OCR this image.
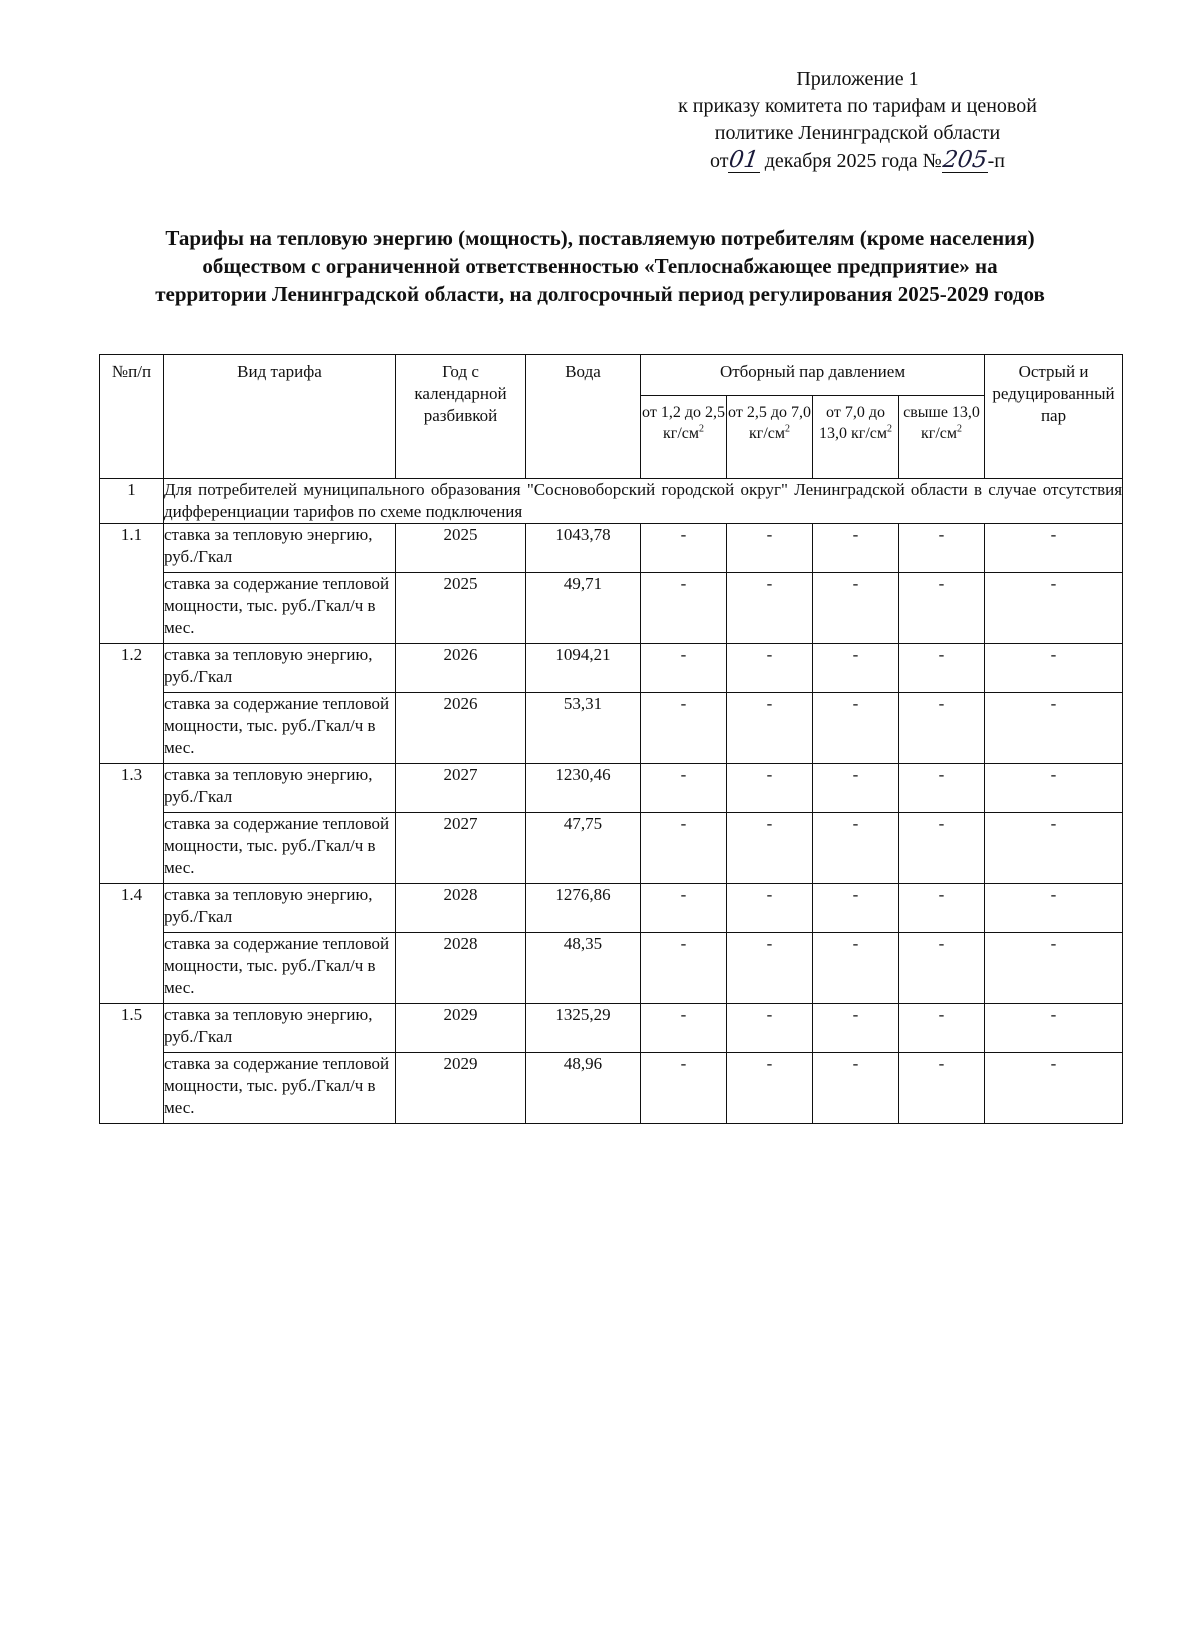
Приложение 1
к приказу комитета по тарифам и ценовой
политике Ленинградской области
от01 декабря 2025 года №205-п
Тарифы на тепловую энергию (мощность), поставляемую потребителям (кроме населения) обществом с ограниченной ответственностью «Теплоснабжающее предприятие» на территории Ленинградской области, на долгосрочный период регулирования 2025-2029 годов
№п/п	Вид тарифа	Год с календарной разбивкой	Вода	Отборный пар давлением				Острый и редуцированный пар
				от 1,2 до 2,5 $кг/см^2$	от 2,5 до 7,0 $кг/см^2$	от 7,0 до 13,0 $кг/см^2$	свыше 13,0 $кг/см^2$
1	Для потребителей муниципального образования "Сосновоборский городской округ" Ленинградской области в случае отсутствия дифференциации тарифов по схеме подключения							
1.1	ставка за тепловую энергию, руб./Гкал	2025	1043,78	-	-	-	-	-
	ставка за содержание тепловой мощности, тыс. руб./Гкал/ч в мес.	2025	49,71	-	-	-	-	-
1.2	ставка за тепловую энергию, руб./Гкал	2026	1094,21	-	-	-	-	-
	ставка за содержание тепловой мощности, тыс. руб./Гкал/ч в мес.	2026	53,31	-	-	-	-	-
1.3	ставка за тепловую энергию, руб./Гкал	2027	1230,46	-	-	-	-	-
	ставка за содержание тепловой мощности, тыс. руб./Гкал/ч в мес.	2027	47,75	-	-	-	-	-
1.4	ставка за тепловую энергию, руб./Гкал	2028	1276,86	-	-	-	-	-
	ставка за содержание тепловой мощности, тыс. руб./Гкал/ч в мес.	2028	48,35	-	-	-	-	-
1.5	ставка за тепловую энергию, руб./Гкал	2029	1325,29	-	-	-	-	-
	ставка за содержание тепловой мощности, тыс. руб./Гкал/ч в мес.	2029	48,96	-	-	-	-	-
